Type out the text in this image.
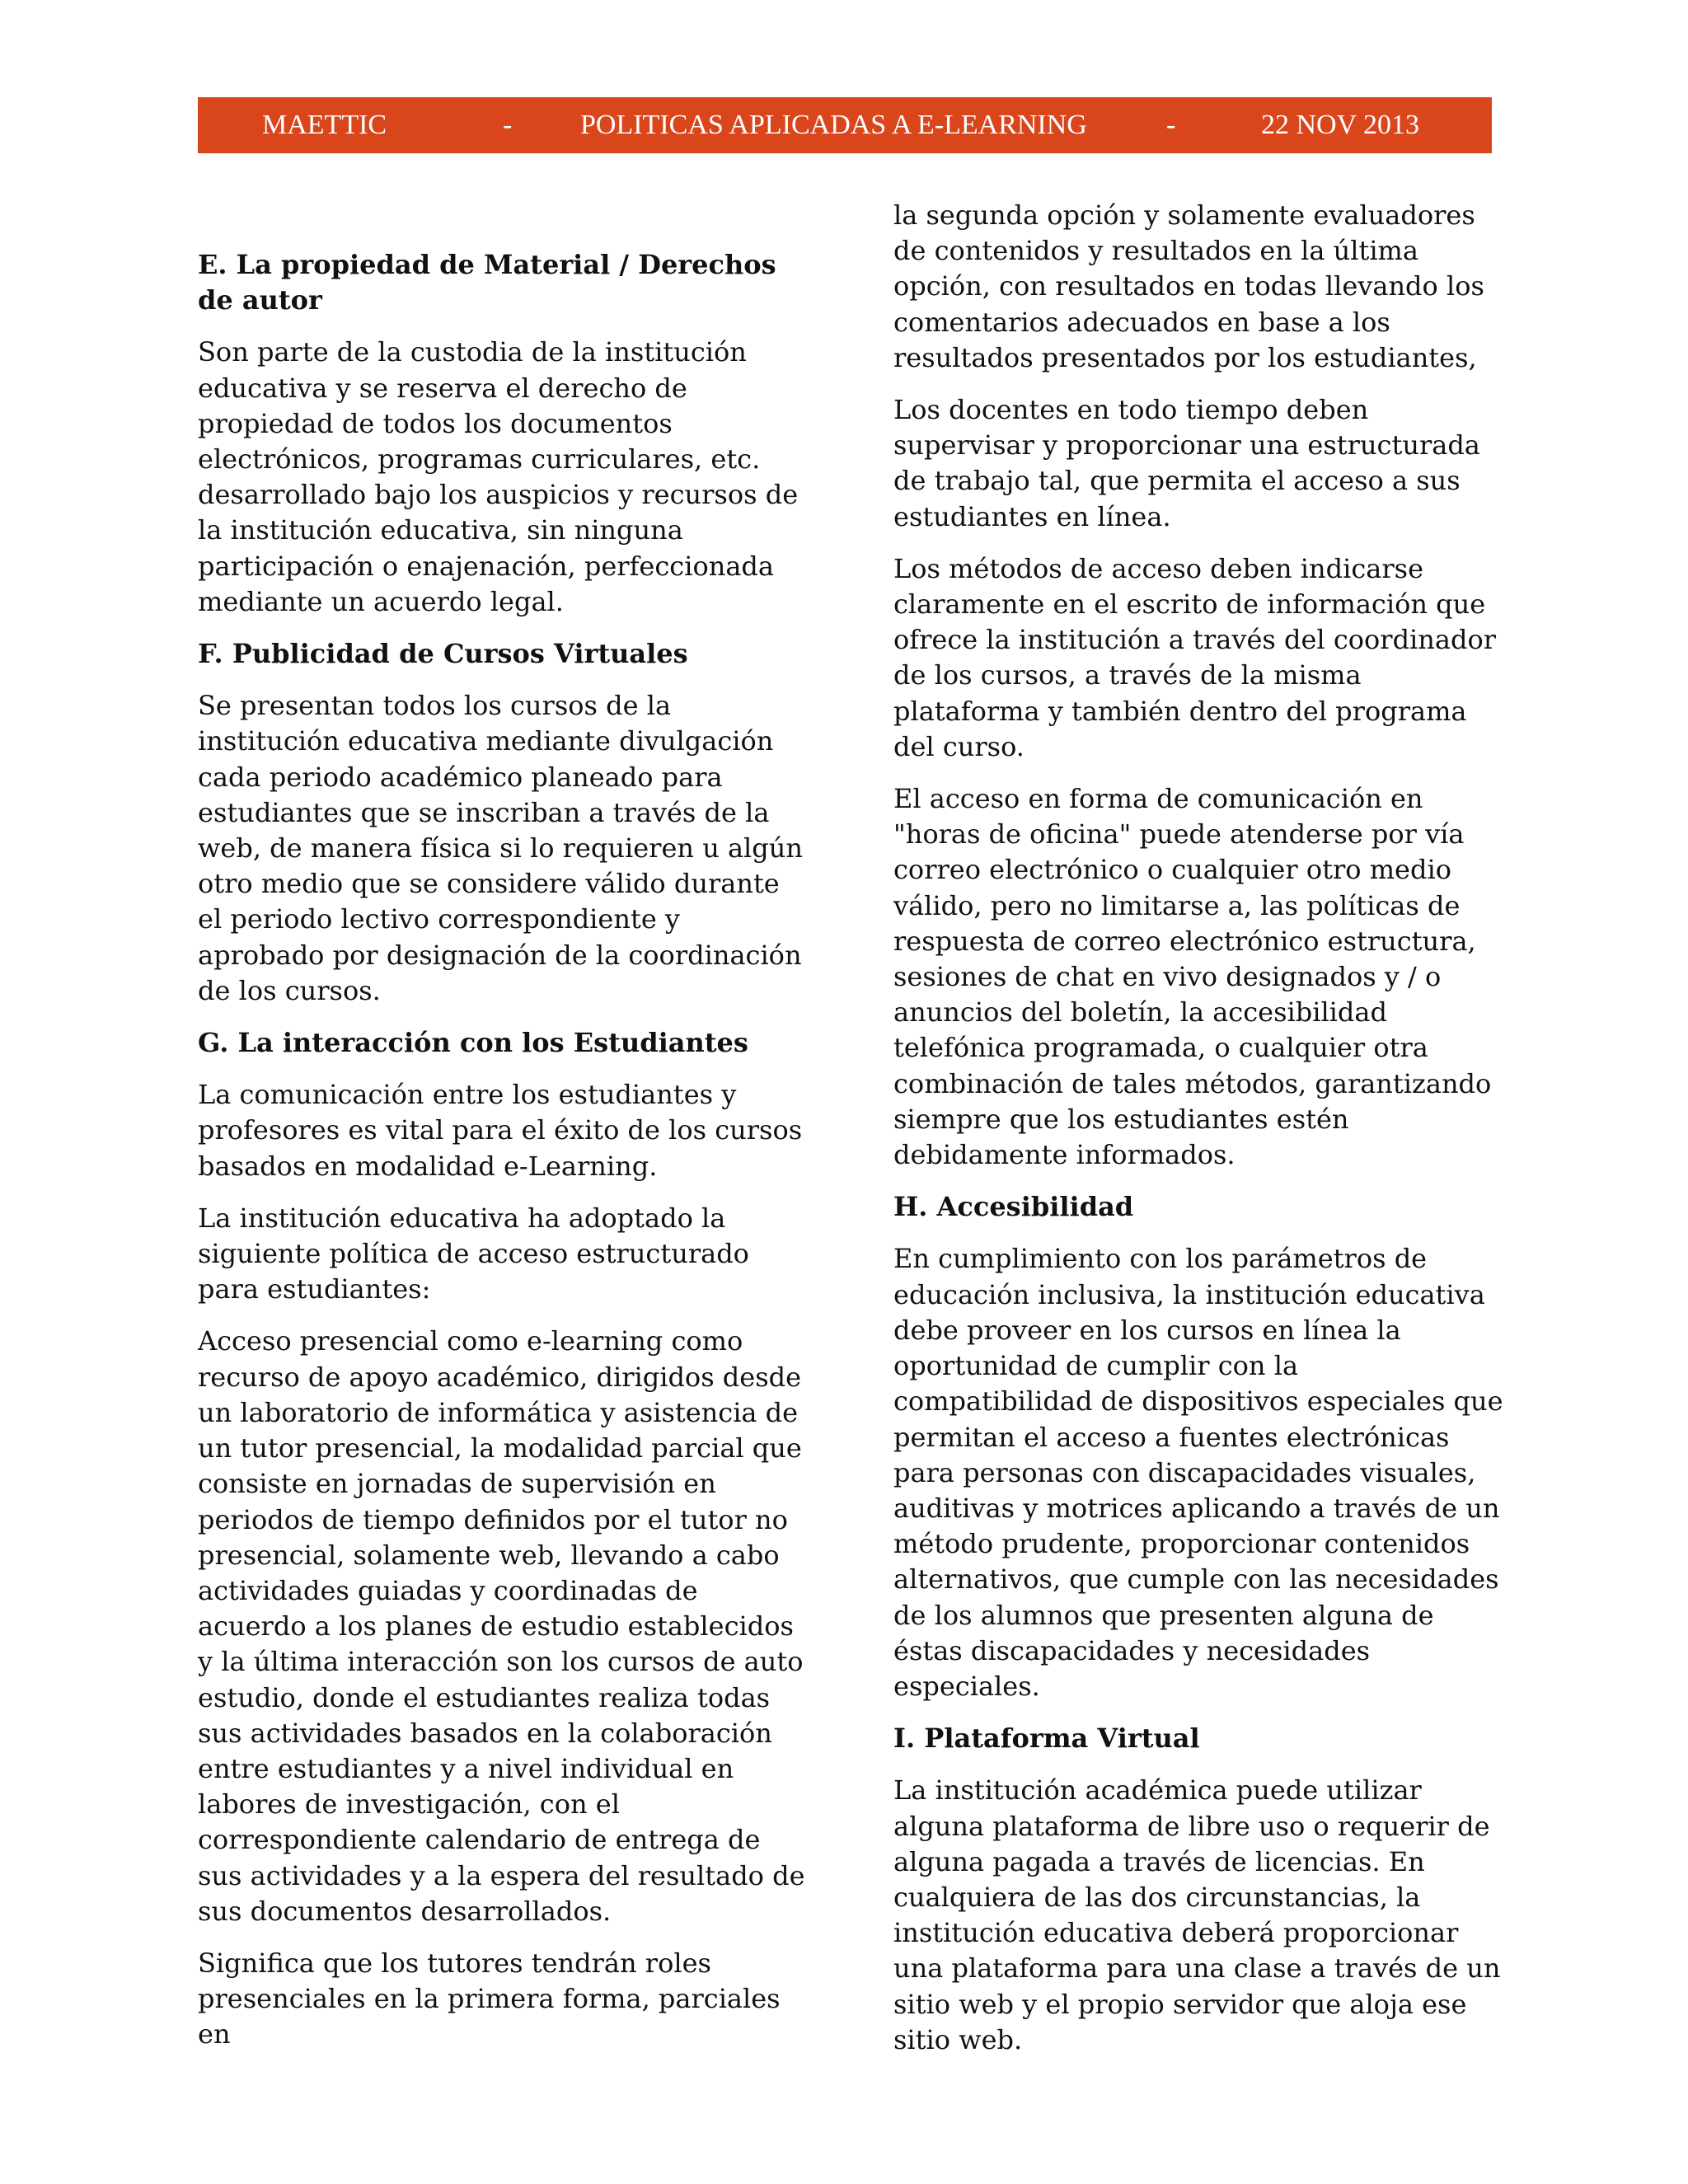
MAETTIC	- POLITICAS APLICADAS A E-LEARNING	-	22 NOV 2013
E. La propiedad de Material / Derechos de autor

Son parte de la custodia de la institución educativa y se reserva el derecho de propiedad de todos los documentos electrónicos, programas curriculares, etc. desarrollado bajo los auspicios y recursos de la institución educativa, sin ninguna participación o enajenación, perfeccionada mediante un acuerdo legal.

F. Publicidad de Cursos Virtuales

Se presentan todos los cursos de la institución educativa mediante divulgación cada periodo académico planeado para estudiantes que se inscriban a través de la web, de manera física si lo requieren u algún otro medio que se considere válido durante el periodo lectivo correspondiente y aprobado por designación de la coordinación de los cursos.

G. La interacción con los Estudiantes

La comunicación entre los estudiantes y profesores es vital para el éxito de los cursos basados en modalidad e-Learning.

La institución educativa ha adoptado la siguiente política de acceso estructurado para estudiantes:

Acceso presencial como e-learning como recurso de apoyo académico, dirigidos desde un laboratorio de informática y asistencia de un tutor presencial, la modalidad parcial que consiste en jornadas de supervisión en periodos de tiempo definidos por el tutor no presencial, solamente web, llevando a cabo actividades guiadas y coordinadas de acuerdo a los planes de estudio establecidos y la última interacción son los cursos de auto estudio, donde el estudiantes realiza todas sus actividades basados en la colaboración entre estudiantes y a nivel individual en labores de investigación, con el correspondiente calendario de entrega de sus actividades y a la espera del resultado de sus documentos desarrollados.

Significa que los tutores tendrán roles presenciales en la primera forma, parciales en

la segunda opción y solamente evaluadores de contenidos y resultados en la última opción, con resultados en todas llevando los comentarios adecuados en base a los resultados presentados por los estudiantes,

Los docentes en todo tiempo deben supervisar y proporcionar una estructurada de trabajo tal, que permita el acceso a sus estudiantes en línea.

Los métodos de acceso deben indicarse claramente en el escrito de información que ofrece la institución a través del coordinador de los cursos, a través de la misma plataforma y también dentro del programa del curso.

El acceso en forma de comunicación en "horas de oficina" puede atenderse por vía correo electrónico o cualquier otro medio válido, pero no limitarse a, las políticas de respuesta de correo electrónico estructura, sesiones de chat en vivo designados y / o anuncios del boletín, la accesibilidad telefónica programada, o cualquier otra combinación de tales métodos, garantizando siempre que los estudiantes estén debidamente informados.

H. Accesibilidad

En cumplimiento con los parámetros de educación inclusiva, la institución educativa debe proveer en los cursos en línea la oportunidad de cumplir con la compatibilidad de dispositivos especiales que permitan el acceso a fuentes electrónicas para personas con discapacidades visuales, auditivas y motrices aplicando a través de un método prudente, proporcionar contenidos alternativos, que cumple con las necesidades de los alumnos que presenten alguna de éstas discapacidades y necesidades especiales.

I. Plataforma Virtual

La institución académica puede utilizar alguna plataforma de libre uso o requerir de alguna pagada a través de licencias. En cualquiera de las dos circunstancias, la institución educativa deberá proporcionar una plataforma para una clase a través de un sitio web y el propio servidor que aloja ese sitio web.
